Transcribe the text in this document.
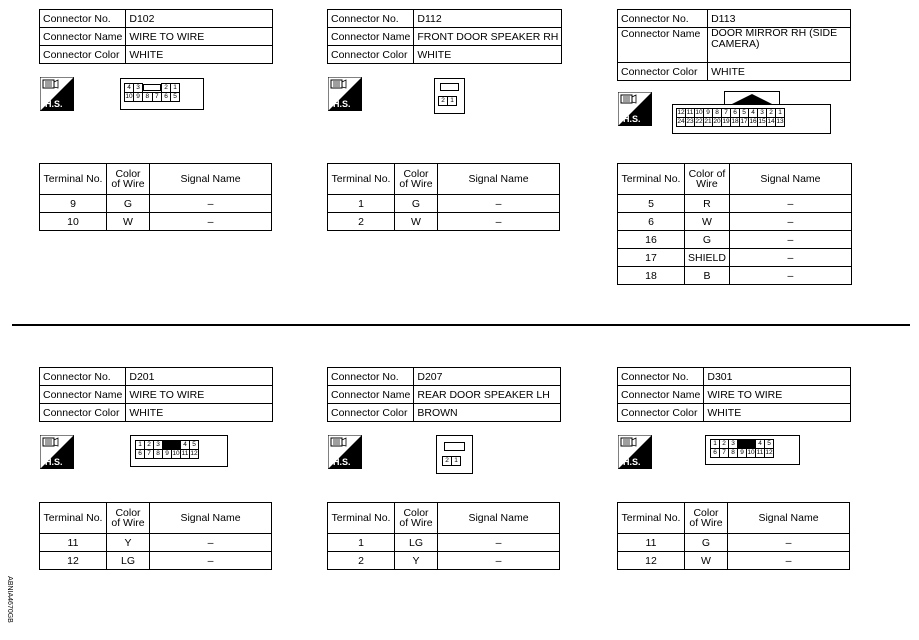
Connector No.	D102
Connector Name	WIRE TO WIRE
Connector Color	WHITE
H.S.
4	3			2	1
10	9	8	7	6	5
Terminal No.	Color of Wire	Signal Name
9	G	–
10	W	–
Connector No.	D112
Connector Name	FRONT DOOR SPEAKER RH
Connector Color	WHITE
H.S.	2	1
Terminal No.	Color of Wire	Signal Name
1	G	–
2	W	–
Connector No.	D113
Connector Name	DOOR MIRROR RH (SIDE CAMERA)
Connector Color	WHITE
H.S.
12	11	10	9	8	7	6	5	4	3	2	1
24	23	22	21	20	19	18	17	16	15	14	13
Terminal No.	Color of Wire	Signal Name
5	R	–
6	W	–
16	G	–
17	SHIELD	–
18	B	–
Connector No.	D201
Connector Name	WIRE TO WIRE
Connector Color	WHITE
H.S.
1	2	3			4	5
6	7	8	9	10	11	12
Terminal No.	Color of Wire	Signal Name
11	Y	–
12	LG	–
Connector No.	D207
Connector Name	REAR DOOR SPEAKER LH
Connector Color	BROWN
H.S.	2	1
Terminal No.	Color of Wire	Signal Name
1	LG	–
2	Y	–
Connector No.	D301
Connector Name	WIRE TO WIRE
Connector Color	WHITE
H.S.
1	2	3			4	5
6	7	8	9	10	11	12
Terminal No.	Color of Wire	Signal Name
11	G	–
12	W	–
ABNIA4670GB
